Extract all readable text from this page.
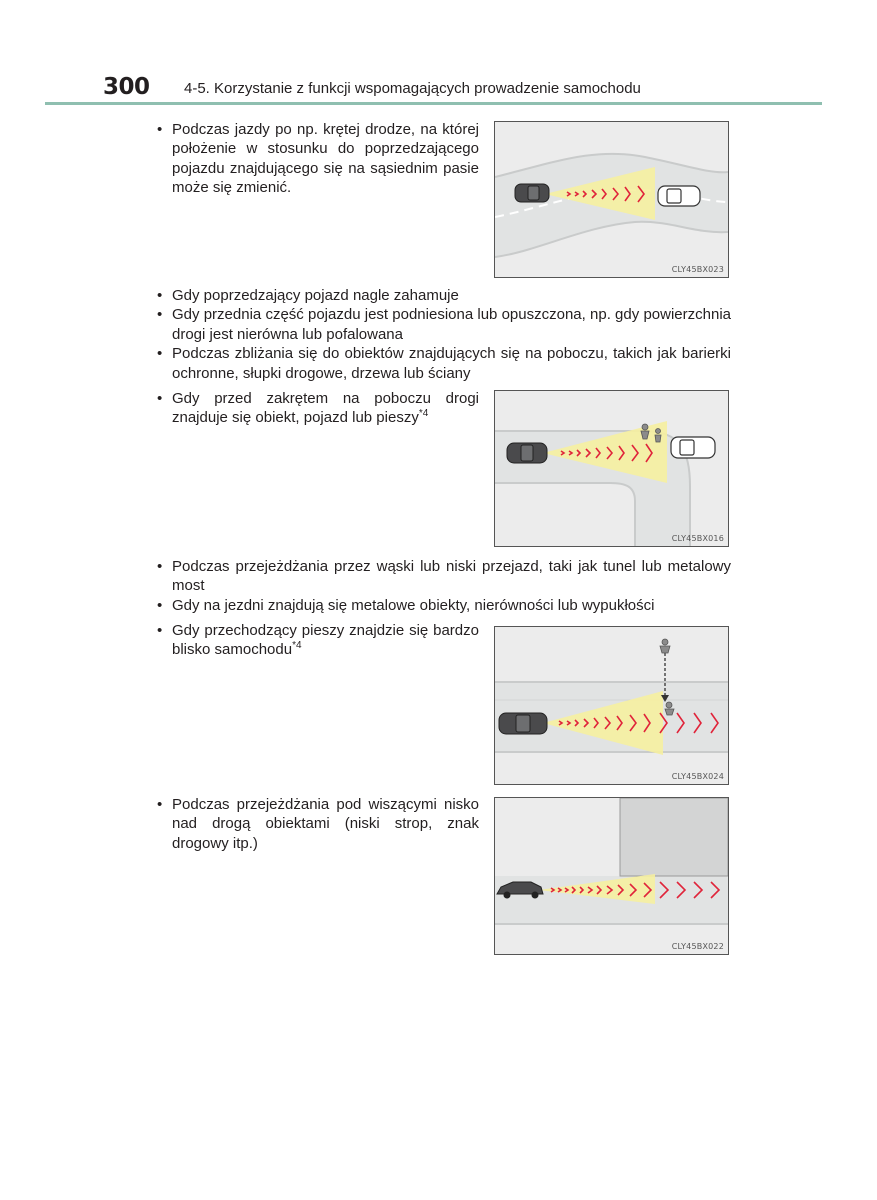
300 4-5. Korzystanie z funkcji wspomagających prowadzenie samochodu
• Podczas jazdy po np. krętej drodze, na której położenie w stosunku do poprzedzającego pojazdu znajdującego się na sąsiednim pasie może się zmienić.
CLY45BX023
• Gdy poprzedzający pojazd nagle zahamuje
• Gdy przednia część pojazdu jest podniesiona lub opuszczona, np. gdy powierzchnia drogi jest nierówna lub pofalowana
• Podczas zbliżania się do obiektów znajdujących się na poboczu, takich jak barierki ochronne, słupki drogowe, drzewa lub ściany
• Gdy przed zakrętem na poboczu drogi znajduje się obiekt, pojazd lub pieszy$^{*4}$
CLY45BX016
• Podczas przejeżdżania przez wąski lub niski przejazd, taki jak tunel lub metalowy most
• Gdy na jezdni znajdują się metalowe obiekty, nierówności lub wypukłości
• Gdy przechodzący pieszy znajdzie się bardzo blisko samochodu$^{*4}$
CLY45BX024
• Podczas przejeżdżania pod wiszącymi nisko nad drogą obiektami (niski strop, znak drogowy itp.)
CLY45BX022
